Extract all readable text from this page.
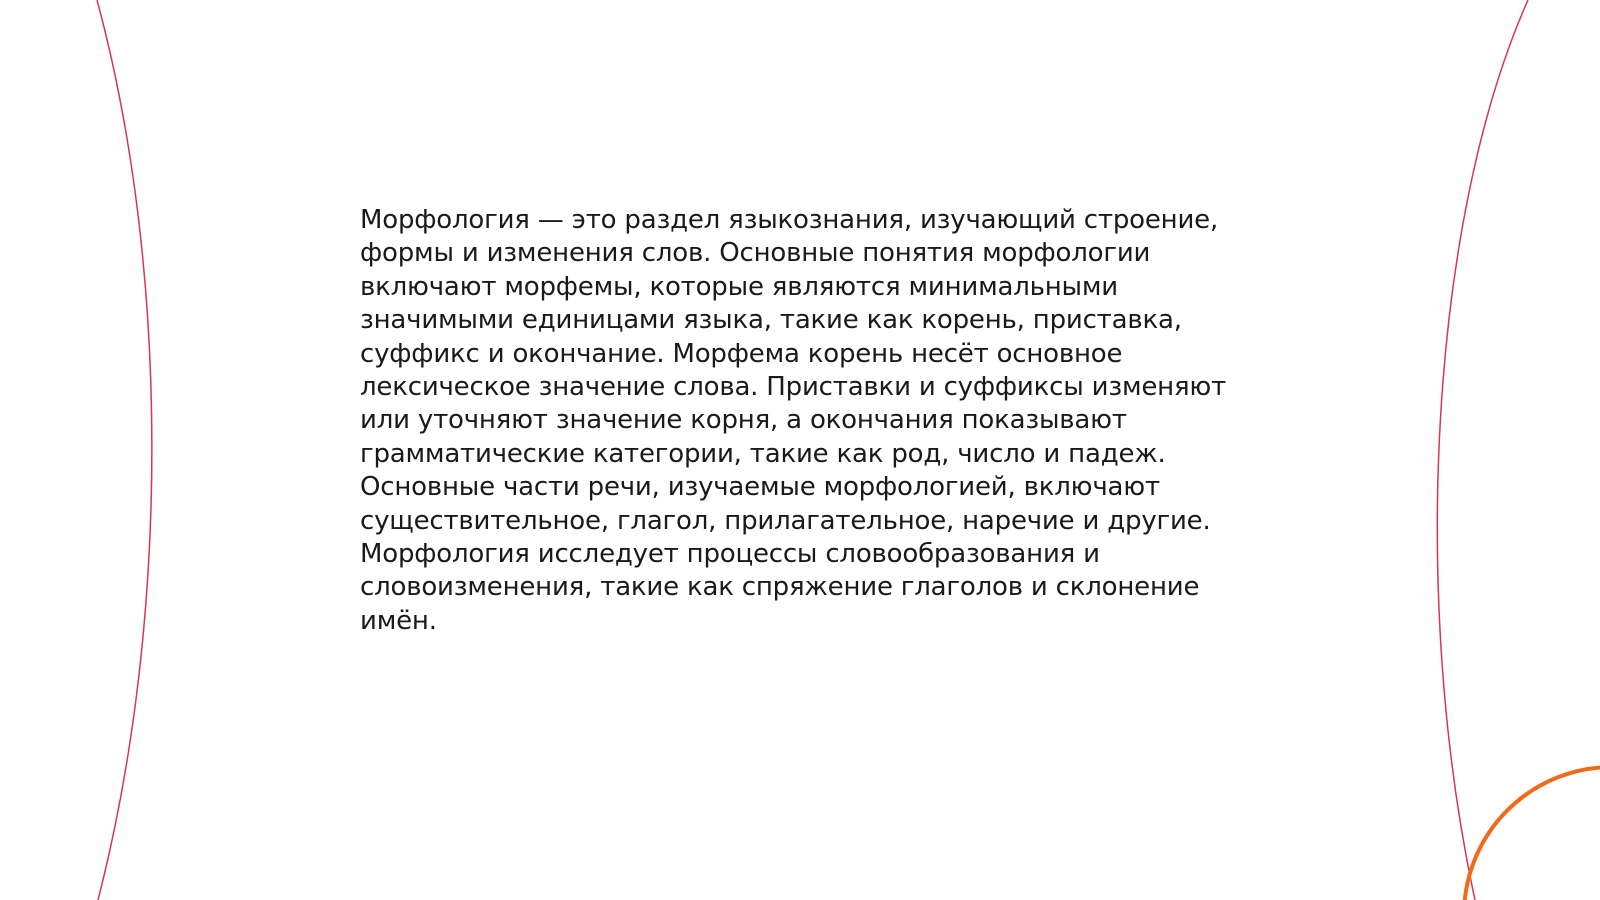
Морфология — это раздел языкознания, изучающий строение,
формы и изменения слов. Основные понятия морфологии
включают морфемы, которые являются минимальными
значимыми единицами языка, такие как корень, приставка,
суффикс и окончание. Морфема корень несёт основное
лексическое значение слова. Приставки и суффиксы изменяют
или уточняют значение корня, а окончания показывают
грамматические категории, такие как род, число и падеж.
Основные части речи, изучаемые морфологией, включают
существительное, глагол, прилагательное, наречие и другие.
Морфология исследует процессы словообразования и
словоизменения, такие как спряжение глаголов и склонение
имён.
